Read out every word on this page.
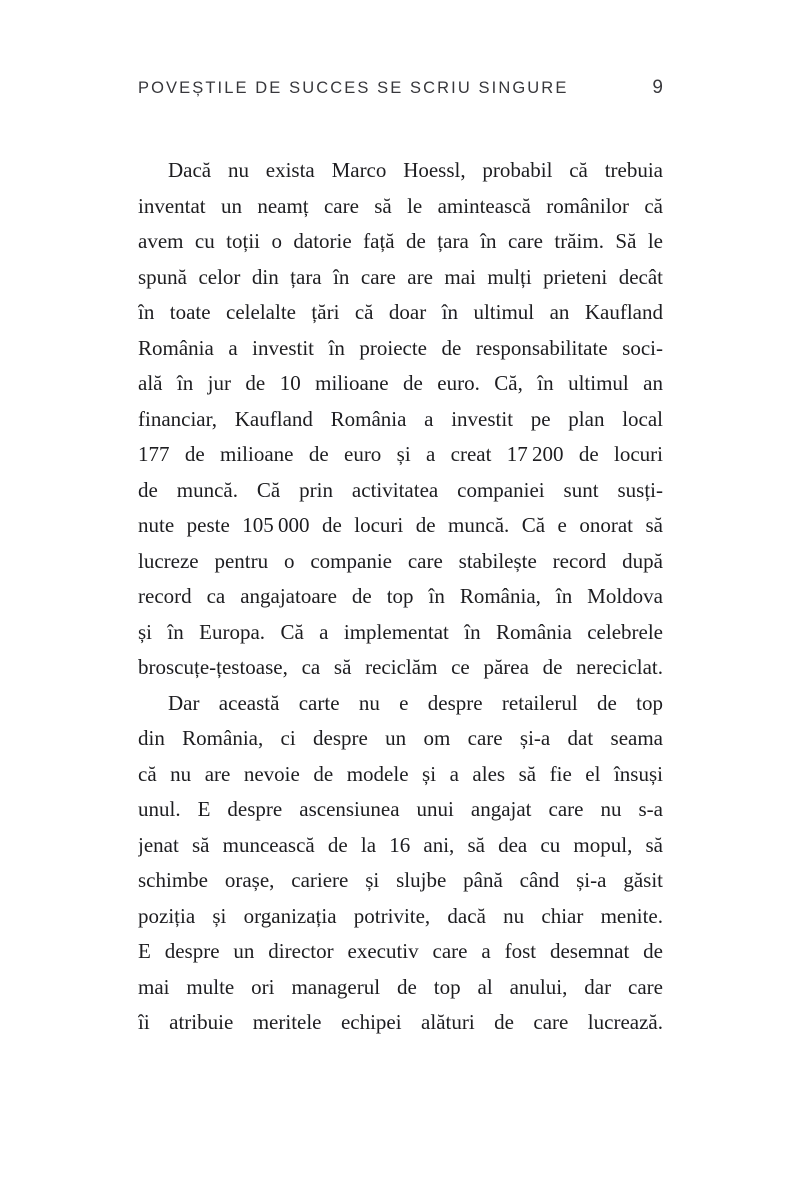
POVEȘTILE DE SUCCES SE SCRIU SINGURE	9
Dacă nu exista Marco Hoessl, probabil că trebuia
inventat un neamț care să le amintească românilor că
avem cu toții o datorie față de țara în care trăim. Să le
spună celor din țara în care are mai mulți prieteni decât
în toate celelalte țări că doar în ultimul an Kaufland
România a investit în proiecte de responsabilitate soci-
ală în jur de 10 milioane de euro. Că, în ultimul an
financiar, Kaufland România a investit pe plan local
177 de milioane de euro și a creat 17 200 de locuri
de muncă. Că prin activitatea companiei sunt susți-
nute peste 105 000 de locuri de muncă. Că e onorat să
lucreze pentru o companie care stabilește record după
record ca angajatoare de top în România, în Moldova
și în Europa. Că a implementat în România celebrele
broscuțe-țestoase, ca să reciclăm ce părea de nereciclat.
Dar această carte nu e despre retailerul de top
din România, ci despre un om care și-a dat seama
că nu are nevoie de modele și a ales să fie el însuși
unul. E despre ascensiunea unui angajat care nu s-a
jenat să muncească de la 16 ani, să dea cu mopul, să
schimbe orașe, cariere și slujbe până când și-a găsit
poziția și organizația potrivite, dacă nu chiar menite.
E despre un director executiv care a fost desemnat de
mai multe ori managerul de top al anului, dar care
îi atribuie meritele echipei alături de care lucrează.
